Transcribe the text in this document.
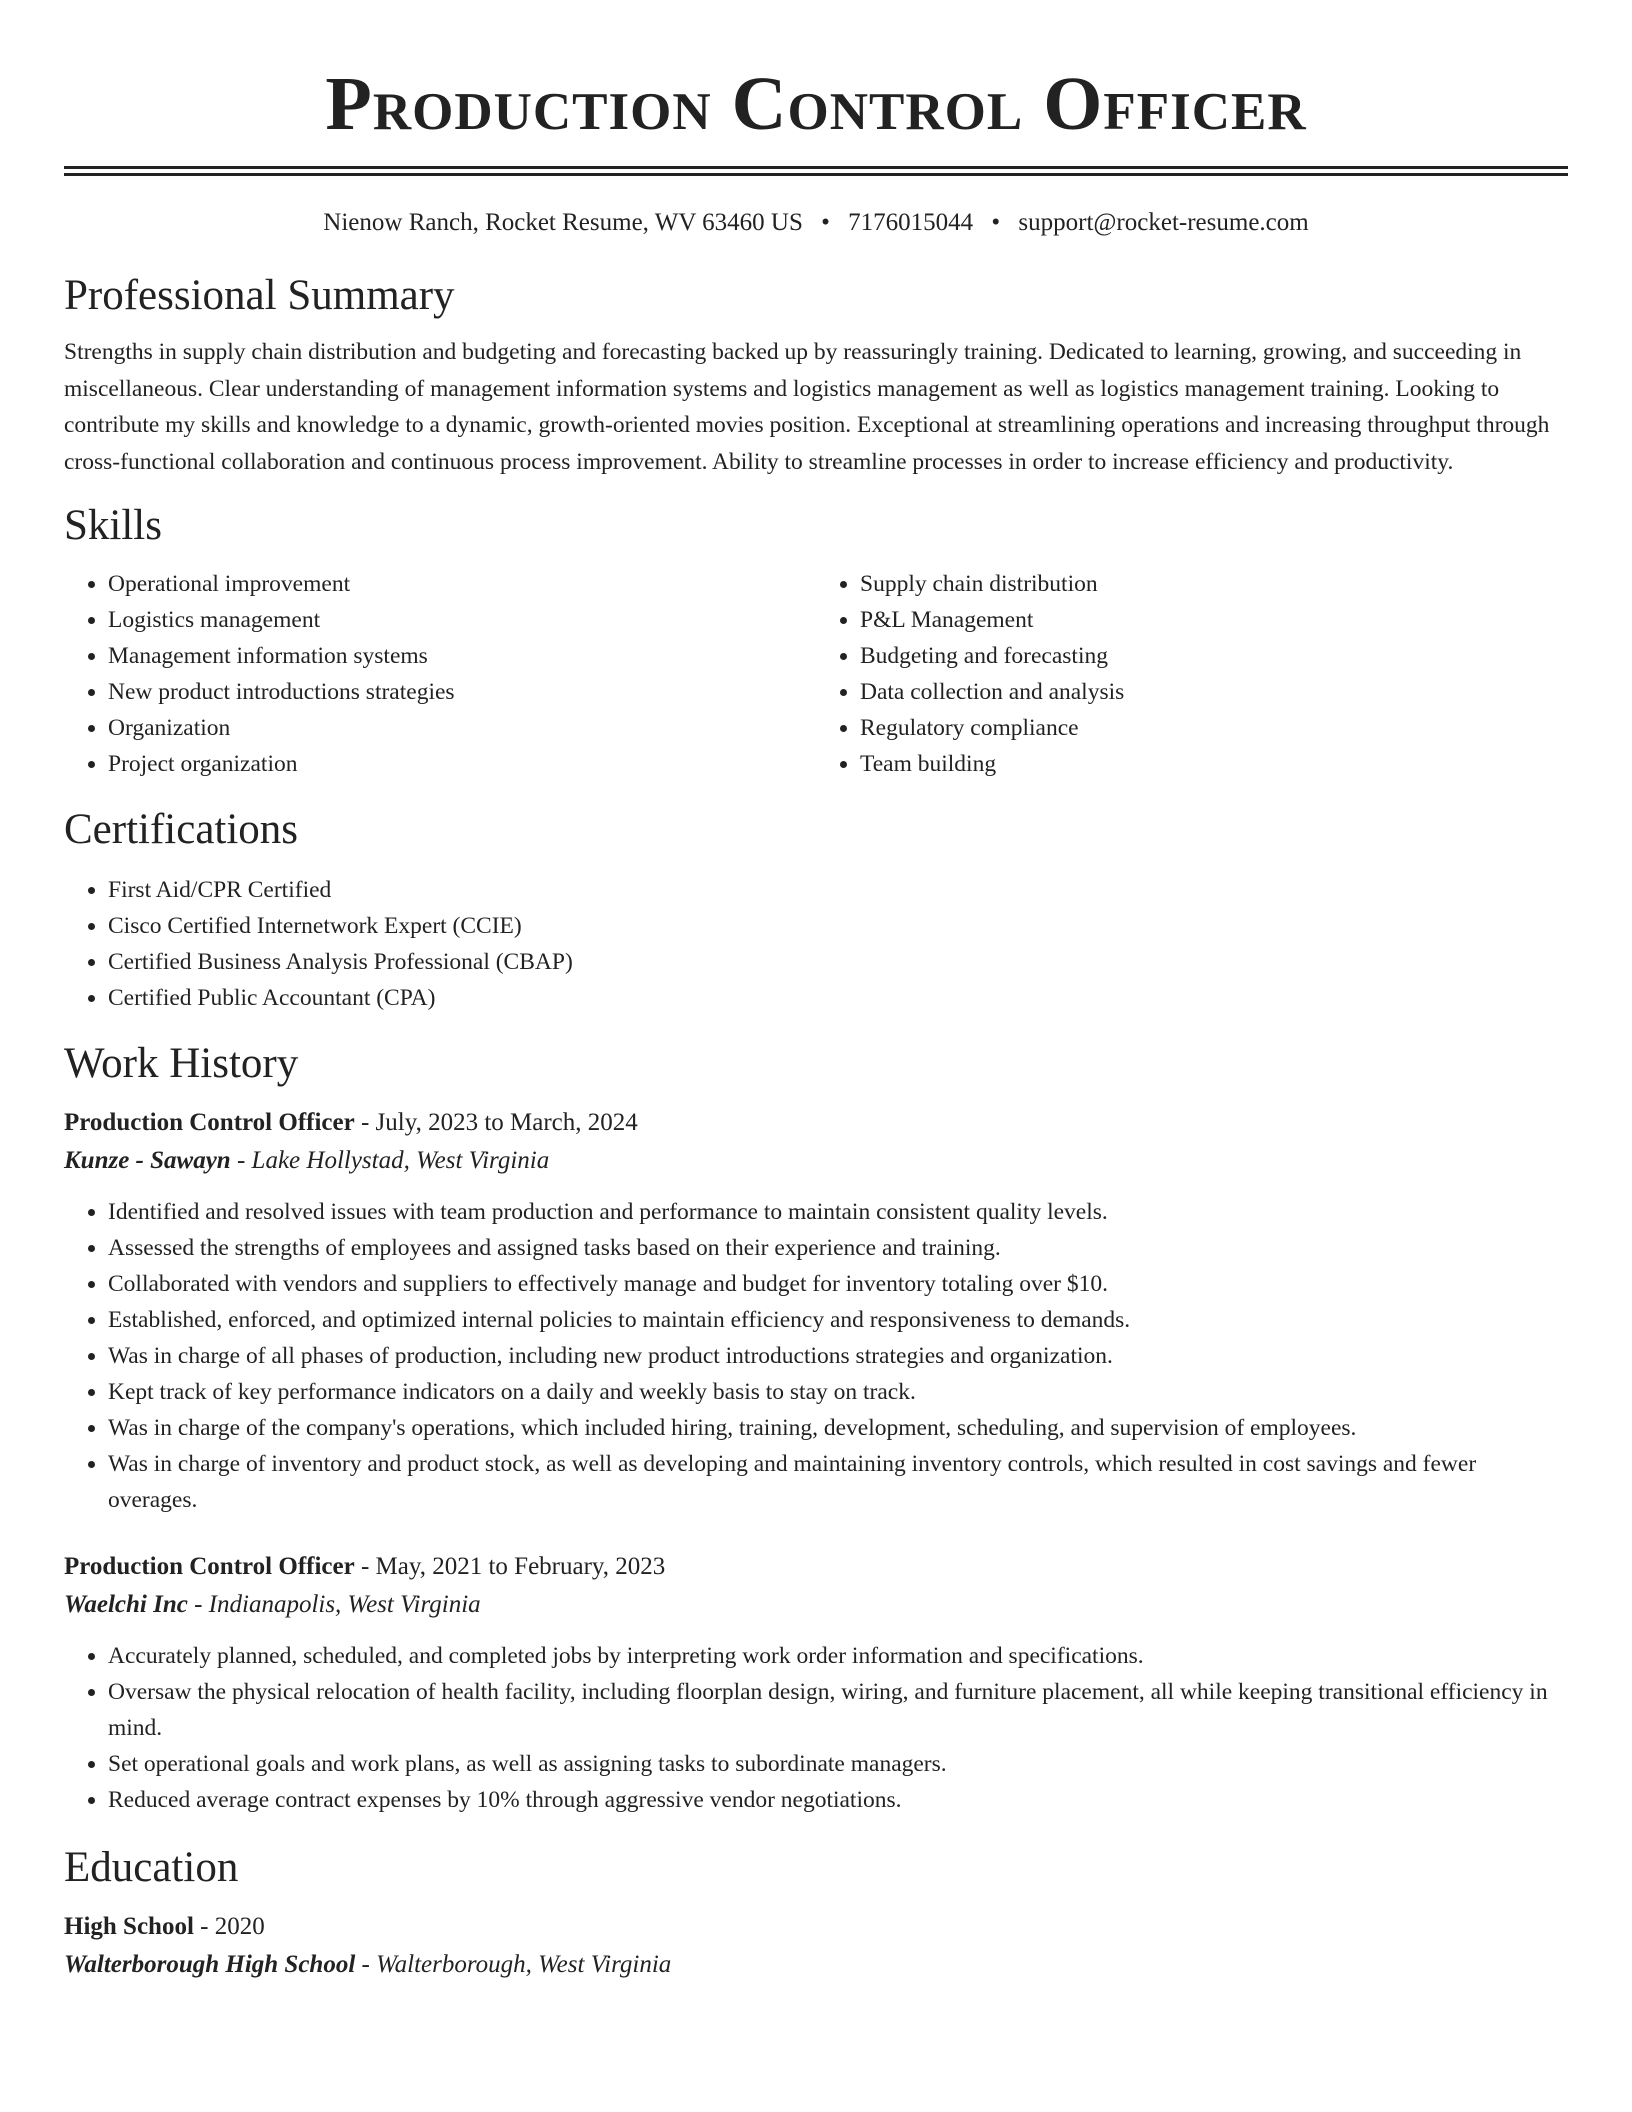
Production Control Officer
Nienow Ranch, Rocket Resume, WV 63460 US • 7176015044 • support@rocket-resume.com
Professional Summary
Strengths in supply chain distribution and budgeting and forecasting backed up by reassuringly training. Dedicated to learning, growing, and succeeding in miscellaneous. Clear understanding of management information systems and logistics management as well as logistics management training. Looking to contribute my skills and knowledge to a dynamic, growth-oriented movies position. Exceptional at streamlining operations and increasing throughput through cross-functional collaboration and continuous process improvement. Ability to streamline processes in order to increase efficiency and productivity.
Skills
• Operational improvement
• Logistics management
• Management information systems
• New product introductions strategies
• Organization
• Project organization
• Supply chain distribution
• P&L Management
• Budgeting and forecasting
• Data collection and analysis
• Regulatory compliance
• Team building
Certifications
• First Aid/CPR Certified
• Cisco Certified Internetwork Expert (CCIE)
• Certified Business Analysis Professional (CBAP)
• Certified Public Accountant (CPA)
Work History
Production Control Officer - July, 2023 to March, 2024
Kunze - Sawayn - Lake Hollystad, West Virginia
• Identified and resolved issues with team production and performance to maintain consistent quality levels.
• Assessed the strengths of employees and assigned tasks based on their experience and training.
• Collaborated with vendors and suppliers to effectively manage and budget for inventory totaling over $10.
• Established, enforced, and optimized internal policies to maintain efficiency and responsiveness to demands.
• Was in charge of all phases of production, including new product introductions strategies and organization.
• Kept track of key performance indicators on a daily and weekly basis to stay on track.
• Was in charge of the company's operations, which included hiring, training, development, scheduling, and supervision of employees.
• Was in charge of inventory and product stock, as well as developing and maintaining inventory controls, which resulted in cost savings and fewer overages.
Production Control Officer - May, 2021 to February, 2023
Waelchi Inc - Indianapolis, West Virginia
• Accurately planned, scheduled, and completed jobs by interpreting work order information and specifications.
• Oversaw the physical relocation of health facility, including floorplan design, wiring, and furniture placement, all while keeping transitional efficiency in mind.
• Set operational goals and work plans, as well as assigning tasks to subordinate managers.
• Reduced average contract expenses by 10% through aggressive vendor negotiations.
Education
High School - 2020
Walterborough High School - Walterborough, West Virginia
